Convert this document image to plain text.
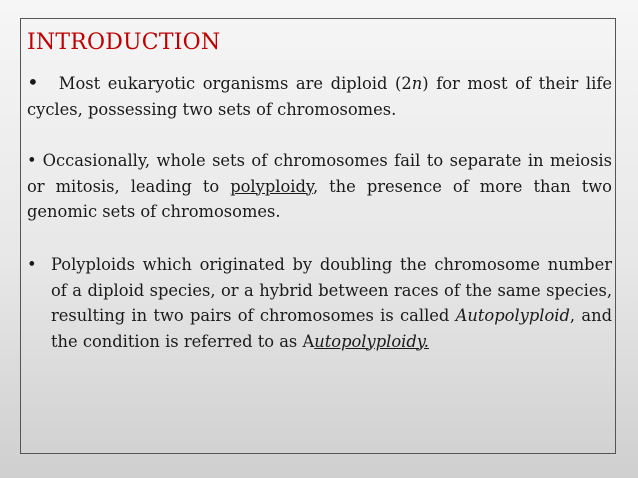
INTRODUCTION

• Most eukaryotic organisms are diploid (2n) for most of their life cycles, possessing two sets of chromosomes.

• Occasionally, whole sets of chromosomes fail to separate in meiosis or mitosis, leading to polyploidy, the presence of more than two genomic sets of chromosomes.

• Polyploids which originated by doubling the chromosome number of a diploid species, or a hybrid between races of the same species, resulting in two pairs of chromosomes is called Autopolyploid, and the condition is referred to as Autopolyploidy.
